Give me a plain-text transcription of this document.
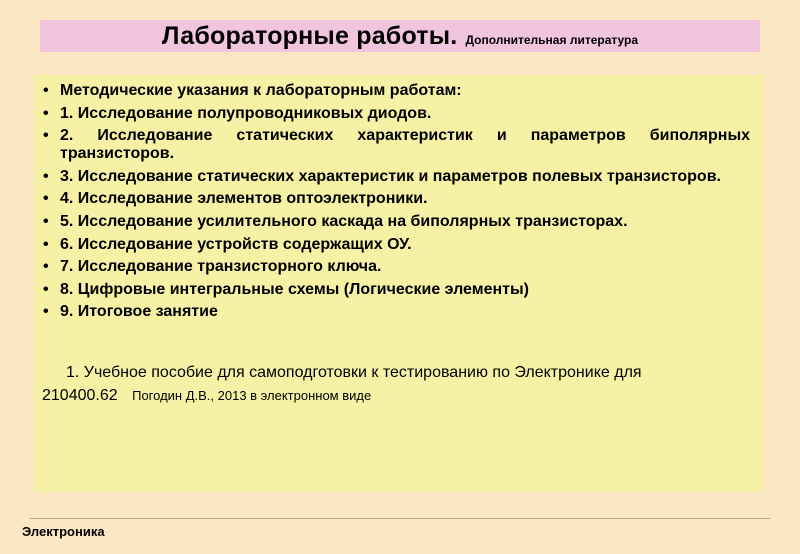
Лабораторные работы. Дополнительная литература
• Методические указания к лабораторным работам:
• 1. Исследование полупроводниковых диодов.
• 2. Исследование статических характеристик и параметров биполярных транзисторов.
• 3. Исследование статических характеристик и параметров полевых транзисторов.
• 4. Исследование элементов оптоэлектроники.
• 5. Исследование усилительного каскада на биполярных транзисторах.
• 6. Исследование устройств содержащих ОУ.
• 7. Исследование транзисторного ключа.
• 8. Цифровые интегральные схемы (Логические элементы)
• 9. Итоговое занятие
1. Учебное пособие для самоподготовки к тестированию по Электронике для
210400.62 Погодин Д.В., 2013 в электронном виде
Электроника
